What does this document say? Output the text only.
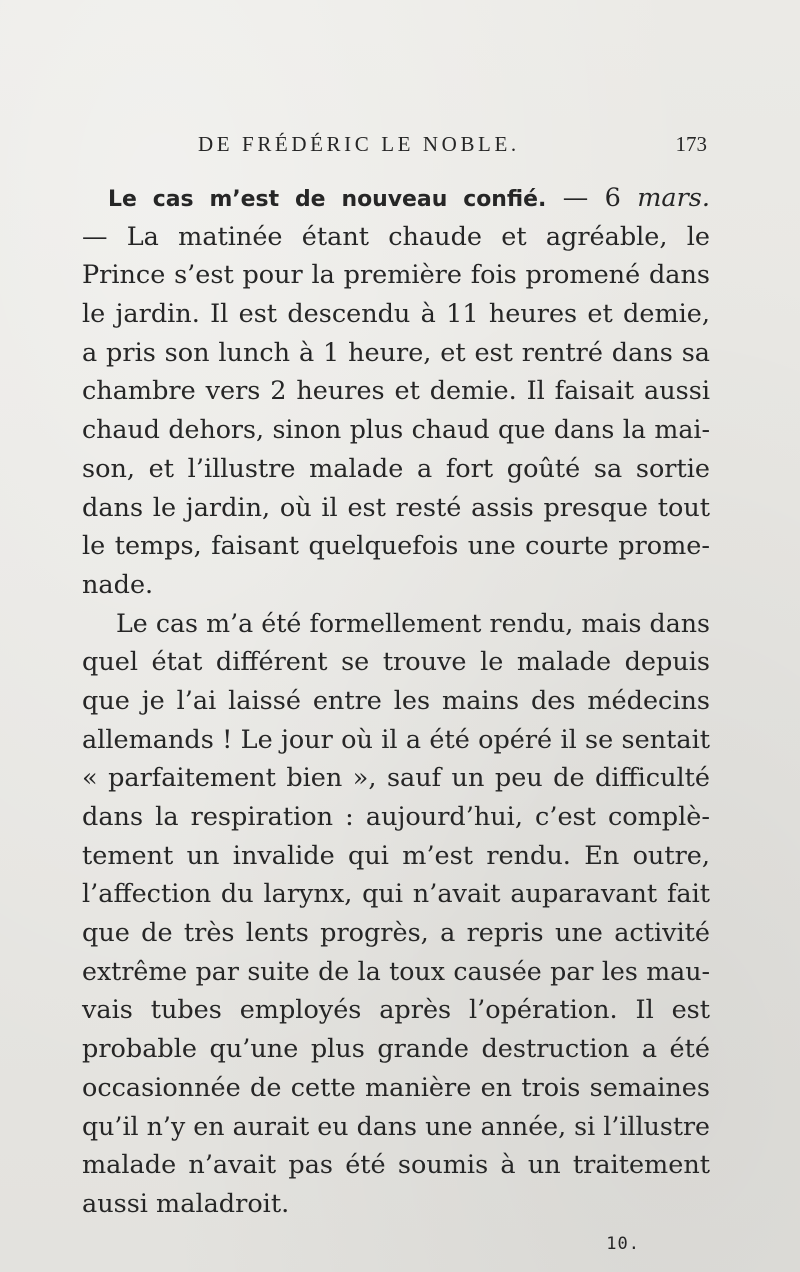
DE FRÉDÉRIC LE NOBLE.	173
Le cas m’est de nouveau confié. — 6 mars.
— La matinée étant chaude et agréable, le
Prince s’est pour la première fois promené dans
le jardin. Il est descendu à 11 heures et demie,
a pris son lunch à 1 heure, et est rentré dans sa
chambre vers 2 heures et demie. Il faisait aussi
chaud dehors, sinon plus chaud que dans la mai-
son, et l’illustre malade a fort goûté sa sortie
dans le jardin, où il est resté assis presque tout
le temps, faisant quelquefois une courte prome-
nade.
Le cas m’a été formellement rendu, mais dans
quel état différent se trouve le malade depuis
que je l’ai laissé entre les mains des médecins
allemands ! Le jour où il a été opéré il se sentait
« parfaitement bien », sauf un peu de difficulté
dans la respiration : aujourd’hui, c’est complè-
tement un invalide qui m’est rendu. En outre,
l’affection du larynx, qui n’avait auparavant fait
que de très lents progrès, a repris une activité
extrême par suite de la toux causée par les mau-
vais tubes employés après l’opération. Il est
probable qu’une plus grande destruction a été
occasionnée de cette manière en trois semaines
qu’il n’y en aurait eu dans une année, si l’illustre
malade n’avait pas été soumis à un traitement
aussi maladroit.
10.
